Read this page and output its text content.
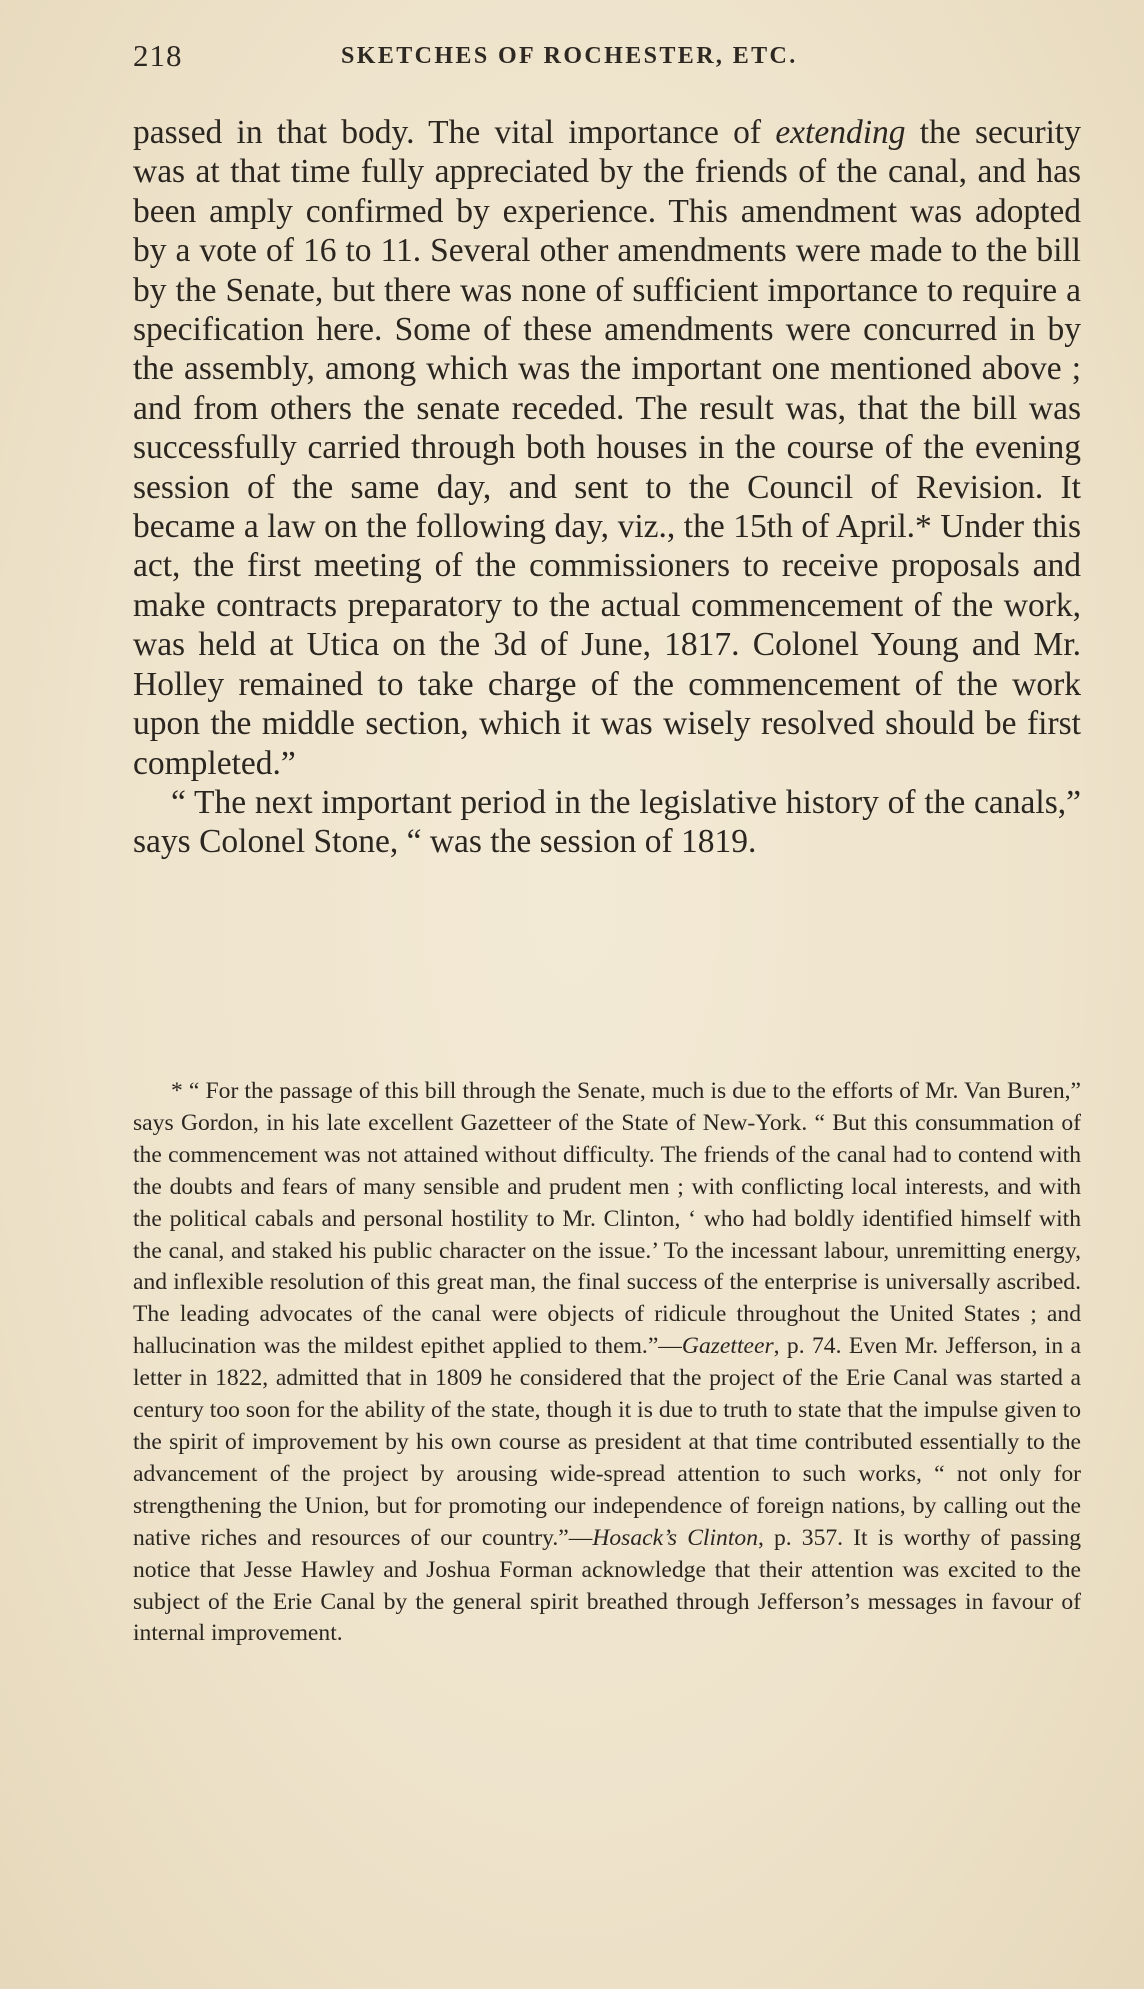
218	SKETCHES OF ROCHESTER, ETC.

passed in that body. The vital importance of extending the security was at that time fully appreciated by the friends of the canal, and has been amply confirmed by experience. This amendment was adopted by a vote of 16 to 11. Several other amendments were made to the bill by the Senate, but there was none of sufficient importance to require a specification here. Some of these amendments were concurred in by the assembly, among which was the important one mentioned above ; and from others the senate receded. The result was, that the bill was successfully carried through both houses in the course of the evening session of the same day, and sent to the Council of Revision. It became a law on the following day, viz., the 15th of April.* Under this act, the first meeting of the commissioners to receive proposals and make contracts preparatory to the actual commencement of the work, was held at Utica on the 3d of June, 1817. Colonel Young and Mr. Holley remained to take charge of the commencement of the work upon the middle section, which it was wisely resolved should be first completed.”

“ The next important period in the legislative history of the canals,” says Colonel Stone, “ was the session of 1819.

* “ For the passage of this bill through the Senate, much is due to the efforts of Mr. Van Buren,” says Gordon, in his late excellent Gazetteer of the State of New-York. “ But this consummation of the commencement was not attained without difficulty. The friends of the canal had to contend with the doubts and fears of many sensible and prudent men ; with conflicting local interests, and with the political cabals and personal hostility to Mr. Clinton, ‘ who had boldly identified himself with the canal, and staked his public character on the issue.’ To the incessant labour, unremitting energy, and inflexible resolution of this great man, the final success of the enterprise is universally ascribed. The leading advocates of the canal were objects of ridicule throughout the United States ; and hallucination was the mildest epithet applied to them.”—Gazetteer, p. 74. Even Mr. Jefferson, in a letter in 1822, admitted that in 1809 he considered that the project of the Erie Canal was started a century too soon for the ability of the state, though it is due to truth to state that the impulse given to the spirit of improvement by his own course as president at that time contributed essentially to the advancement of the project by arousing wide-spread attention to such works, “ not only for strengthening the Union, but for promoting our independence of foreign nations, by calling out the native riches and resources of our country.”—Hosack’s Clinton, p. 357. It is worthy of passing notice that Jesse Hawley and Joshua Forman acknowledge that their attention was excited to the subject of the Erie Canal by the general spirit breathed through Jefferson’s messages in favour of internal improvement.
